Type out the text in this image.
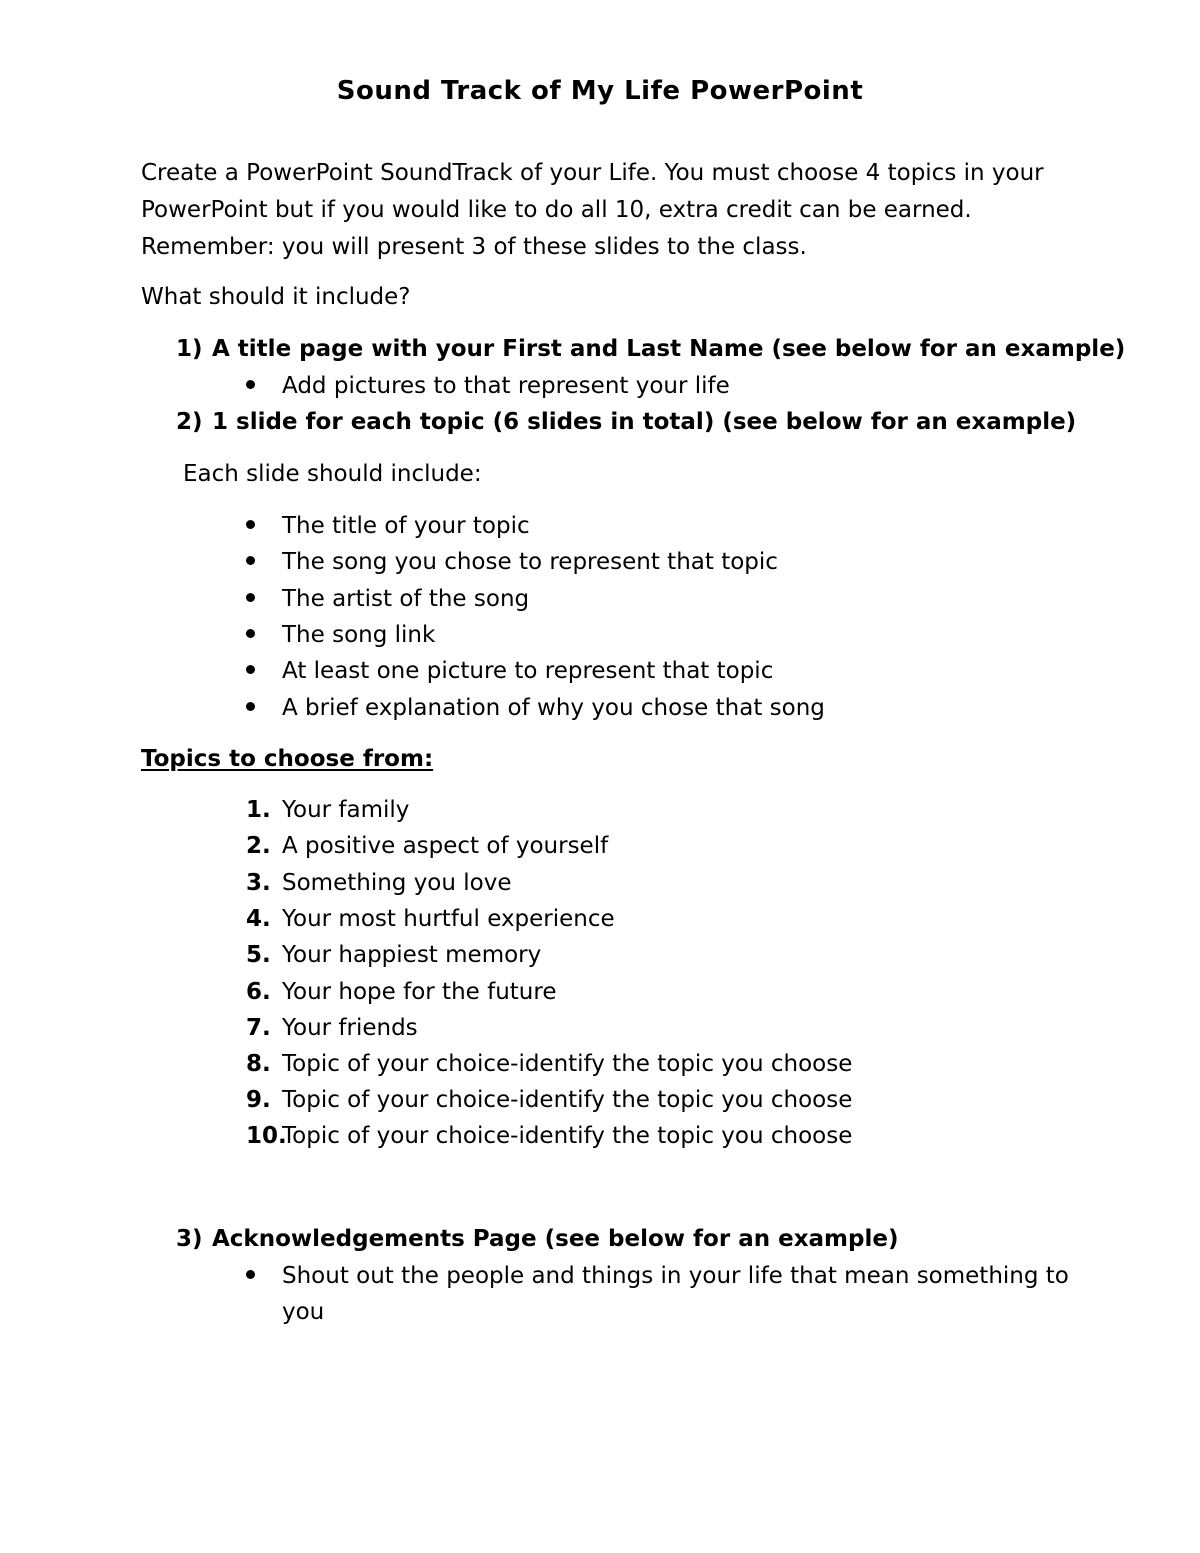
Sound Track of My Life PowerPoint
Create a PowerPoint SoundTrack of your Life. You must choose 4 topics in your
PowerPoint but if you would like to do all 10, extra credit can be earned.
Remember: you will present 3 of these slides to the class.
What should it include?
1) A title page with your First and Last Name (see below for an example)
Add pictures to that represent your life
2) 1 slide for each topic (6 slides in total) (see below for an example)
Each slide should include:
The title of your topic
The song you chose to represent that topic
The artist of the song
The song link
At least one picture to represent that topic
A brief explanation of why you chose that song
Topics to choose from:
1. Your family
2. A positive aspect of yourself
3. Something you love
4. Your most hurtful experience
5. Your happiest memory
6. Your hope for the future
7. Your friends
8. Topic of your choice-identify the topic you choose
9. Topic of your choice-identify the topic you choose
10.
Topic of your choice-identify the topic you choose
3) Acknowledgements Page (see below for an example)
Shout out the people and things in your life that mean something to
you
